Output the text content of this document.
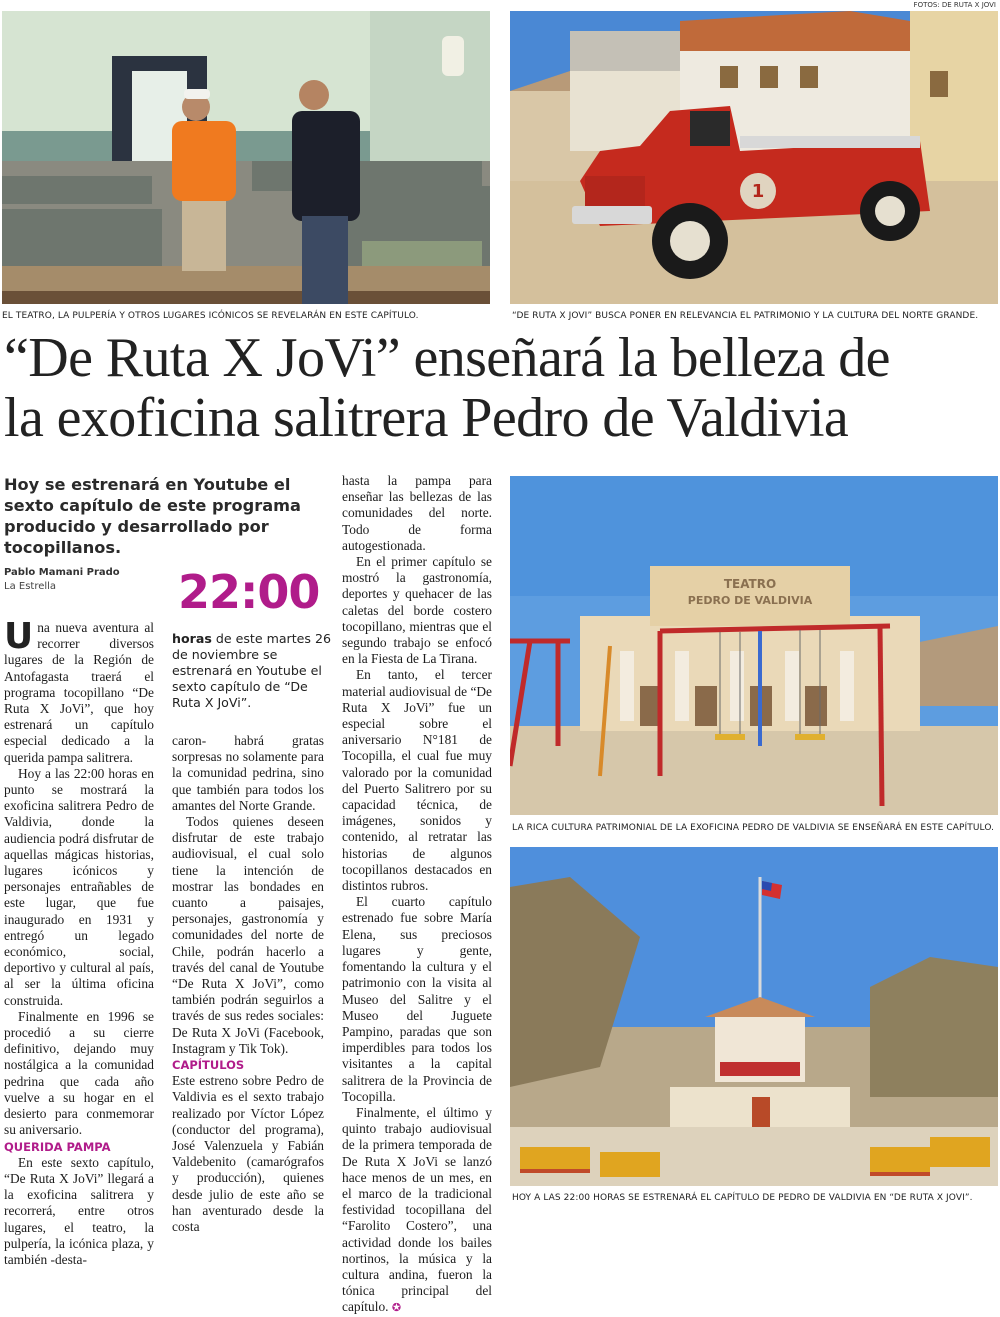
FOTOS: DE RUTA X JOVI
EL TEATRO, LA PULPERÍA Y OTROS LUGARES ICÓNICOS SE REVELARÁN EN ESTE CAPÍTULO.
1
“DE RUTA X JOVI” BUSCA PONER EN RELEVANCIA EL PATRIMONIO Y LA CULTURA DEL NORTE GRANDE.
“De Ruta X JoVi” enseñará la belleza de
la exoficina salitrera Pedro de Valdivia
Hoy se estrenará en Youtube el sexto capítulo de este programa producido y desarrollado por tocopillanos.
Pablo Mamani Prado
La Estrella	22:00
horas de este martes 26 de noviembre se estrenará en Youtube el sexto capítulo de “De Ruta X JoVi”.

Una nueva aventura al recorrer diversos lugares de la Región de Antofagasta traerá el programa tocopillano “De Ruta X JoVi”, que hoy estrenará un capítulo especial dedicado a la querida pampa salitrera.

Hoy a las 22:00 horas en punto se mostrará la exoficina salitrera Pedro de Valdivia, donde la audiencia podrá disfrutar de aquellas mágicas historias, lugares icónicos y personajes entrañables de este lugar, que fue inaugurado en 1931 y entregó un legado económico, social, deportivo y cultural al país, al ser la última oficina construida.

Finalmente en 1996 se procedió a su cierre definitivo, dejando muy nostálgica a la comunidad pedrina que cada año vuelve a su hogar en el desierto para conmemorar su aniversario.

QUERIDA PAMPA

En este sexto capítulo, “De Ruta X JoVi” llegará a la exoficina salitrera y recorrerá, entre otros lugares, el teatro, la pulpería, la icónica plaza, y también -desta-

caron- habrá gratas sorpresas no solamente para la comunidad pedrina, sino que también para todos los amantes del Norte Grande.

Todos quienes deseen disfrutar de este trabajo audiovisual, el cual solo tiene la intención de mostrar las bondades en cuanto a paisajes, personajes, gastronomía y comunidades del norte de Chile, podrán hacerlo a través del canal de Youtube “De Ruta X JoVi”, como también podrán seguirlos a través de sus redes sociales: De Ruta X JoVi (Facebook, Instagram y Tik Tok).

CAPÍTULOS

Este estreno sobre Pedro de Valdivia es el sexto trabajo realizado por Víctor López (conductor del programa), José Valenzuela y Fabián Valdebenito (camarógrafos y producción), quienes desde julio de este año se han aventurado desde la costa

hasta la pampa para enseñar las bellezas de las comunidades del norte. Todo de forma autogestionada.

En el primer capítulo se mostró la gastronomía, deportes y quehacer de las caletas del borde costero tocopillano, mientras que el segundo trabajo se enfocó en la Fiesta de La Tirana.

En tanto, el tercer material audiovisual de “De Ruta X JoVi” fue un especial sobre el aniversario N°181 de Tocopilla, el cual fue muy valorado por la comunidad del Puerto Salitrero por su capacidad técnica, de imágenes, sonidos y contenido, al retratar las historias de algunos tocopillanos destacados en distintos rubros.

El cuarto capítulo estrenado fue sobre María Elena, sus preciosos lugares y gente, fomentando la cultura y el patrimonio con la visita al Museo del Salitre y el Museo del Juguete Pampino, paradas que son imperdibles para todos los visitantes a la capital salitrera de la Provincia de Tocopilla.

Finalmente, el último y quinto trabajo audiovisual de la primera temporada de De Ruta X JoVi se lanzó hace menos de un mes, en el marco de la tradicional festividad tocopillana del “Farolito Costero”, una actividad donde los bailes nortinos, la música y la cultura andina, fueron la tónica principal del capítulo. ✪

TEATRO
PEDRO DE VALDIVIA
LA RICA CULTURA PATRIMONIAL DE LA EXOFICINA PEDRO DE VALDIVIA SE ENSEÑARÁ EN ESTE CAPÍTULO.
HOY A LAS 22:00 HORAS SE ESTRENARÁ EL CAPÍTULO DE PEDRO DE VALDIVIA EN “DE RUTA X JOVI”.
